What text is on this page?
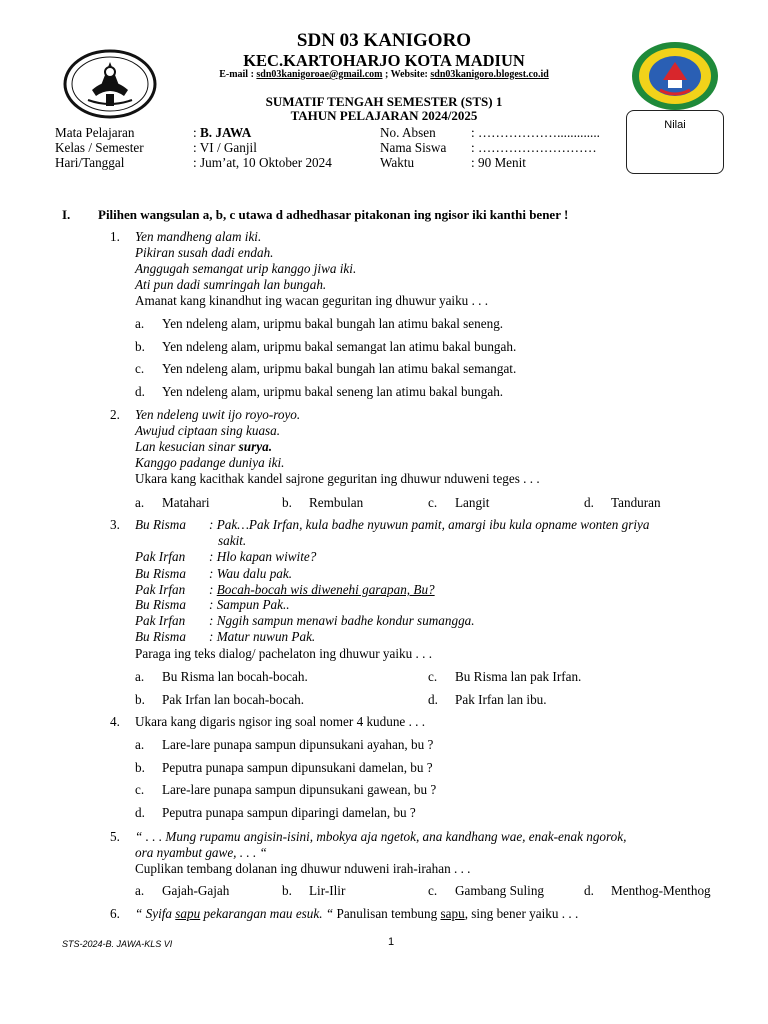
SDN 03 KANIGORO
KEC.KARTOHARJO KOTA MADIUN
E-mail : sdn03kanigoroae@gmail.com ; Website: sdn03kanigoro.blogest.co.id
SUMATIF TENGAH SEMESTER (STS) 1
TAHUN PELAJARAN 2024/2025
Nilai
Mata Pelajaran	: B. JAWA
Kelas / Semester	: VI / Ganjil
Hari/Tanggal	: Jum’at, 10 Oktober 2024
No. Absen	: ……………….............
Nama Siswa : ………………………
Waktu	: 90 Menit
I. Pilihen wangsulan a, b, c utawa d adhedhasar pitakonan ing ngisor iki kanthi bener !
1. Yen mandheng alam iki.
Pikiran susah dadi endah.
Anggugah semangat urip kanggo jiwa iki.
Ati pun dadi sumringah lan bungah.
Amanat kang kinandhut ing wacan geguritan ing dhuwur yaiku . . .
a. Yen ndeleng alam, uripmu bakal bungah lan atimu bakal seneng.
b. Yen ndeleng alam, uripmu bakal semangat lan atimu bakal bungah.
c. Yen ndeleng alam, uripmu bakal bungah lan atimu bakal semangat.
d. Yen ndeleng alam, uripmu bakal seneng lan atimu bakal bungah.
2. Yen ndeleng uwit ijo royo-royo.
Awujud ciptaan sing kuasa.
Lan kesucian sinar surya.
Kanggo padange duniya iki.
Ukara kang kacithak kandel sajrone geguritan ing dhuwur nduweni teges . . .
a. Matahari	b. Rembulan	c. Langit	d. Tanduran
3. Bu Risma : Pak…Pak Irfan, kula badhe nyuwun pamit, amargi ibu kula opname wonten griya
sakit.
Pak Irfan : Hlo kapan wiwite?
Bu Risma : Wau dalu pak.
Pak Irfan : Bocah-bocah wis diwenehi garapan, Bu?
Bu Risma : Sampun Pak..
Pak Irfan : Nggih sampun menawi badhe kondur sumangga.
Bu Risma : Matur nuwun Pak.
Paraga ing teks dialog/ pachelaton ing dhuwur yaiku . . .
a. Bu Risma lan bocah-bocah.	c. Bu Risma lan pak Irfan.
b. Pak Irfan lan bocah-bocah.	d. Pak Irfan lan ibu.
4. Ukara kang digaris ngisor ing soal nomer 4 kudune . . .
a. Lare-lare punapa sampun dipunsukani ayahan, bu ?
b. Peputra punapa sampun dipunsukani damelan, bu ?
c. Lare-lare punapa sampun dipunsukani gawean, bu ?
d. Peputra punapa sampun diparingi damelan, bu ?
5. “ . . . Mung rupamu angisin-isini, mbokya aja ngetok, ana kandhang wae, enak-enak ngorok,
ora nyambut gawe, . . . “
Cuplikan tembang dolanan ing dhuwur nduweni irah-irahan . . .
a. Gajah-Gajah	b. Lir-Ilir	c. Gambang Suling	d. Menthog-Menthog
6. “ Syifa sapu pekarangan mau esuk. “ Panulisan tembung sapu, sing bener yaiku . . .
STS-2024-B. JAWA-KLS VI	1
